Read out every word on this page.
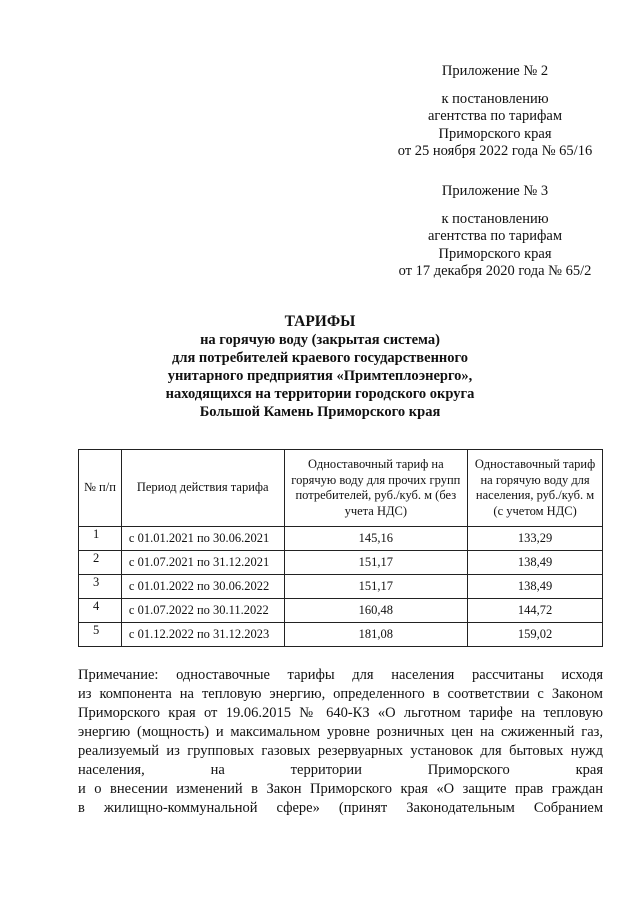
Приложение № 2
к постановлению
агентства по тарифам
Приморского края
от 25 ноября 2022 года № 65/16
Приложение № 3
к постановлению
агентства по тарифам
Приморского края
от 17 декабря 2020 года № 65/2
ТАРИФЫ
на горячую воду (закрытая система)
для потребителей краевого государственного
унитарного предприятия «Примтеплоэнерго»,
находящихся на территории городского округа
Большой Камень Приморского края
№ п/п	Период действия тарифа	Одноставочный тариф на горячую воду для прочих групп потребителей, руб./куб. м (без учета НДС)	Одноставочный тариф на горячую воду для населения, руб./куб. м (с учетом НДС)
1	с 01.01.2021 по 30.06.2021	145,16	133,29
2	с 01.07.2021 по 31.12.2021	151,17	138,49
3	с 01.01.2022 по 30.06.2022	151,17	138,49
4	с 01.07.2022 по 30.11.2022	160,48	144,72
5	с 01.12.2022 по 31.12.2023	181,08	159,02

Примечание: одноставочные тарифы для населения рассчитаны исходя

из компонента на тепловую энергию, определенного в соответствии с Законом

Приморского края от 19.06.2015 № 640-КЗ «О льготном тарифе на тепловую

энергию (мощность) и максимальном уровне розничных цен на сжиженный газ,

реализуемый из групповых газовых резервуарных установок для бытовых нужд

населения, на территории Приморского края

и о внесении изменений в Закон Приморского края «О защите прав граждан

в жилищно-коммунальной сфере» (принят Законодательным Собранием
